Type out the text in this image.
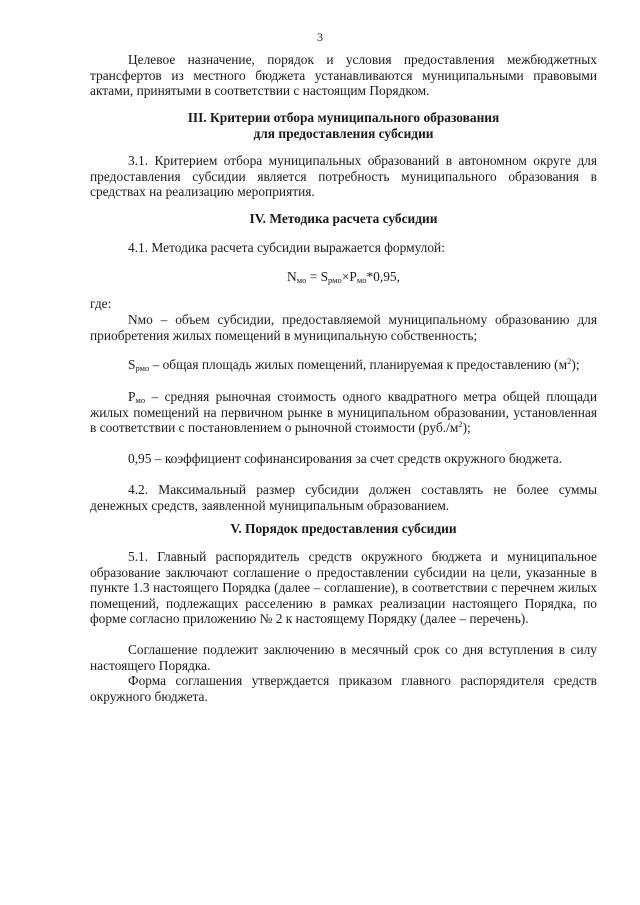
3

Целевое назначение, порядок и условия предоставления межбюджетных трансфертов из местного бюджета устанавливаются муниципальными правовыми актами, принятыми в соответствии с настоящим Порядком.

III. Критерии отбора муниципального образования

для предоставления субсидии

3.1. Критерием отбора муниципальных образований в автономном округе для предоставления субсидии является потребность муниципального образования в средствах на реализацию мероприятия.

IV. Методика расчета субсидии

4.1. Методика расчета субсидии выражается формулой:

$N_{мо} = S_{рмо}\times P_{мо}*0,95$,

где:

Nмо – объем субсидии, предоставляемой муниципальному образованию для приобретения жилых помещений в муниципальную собственность;

$S_{рмо}$ – общая площадь жилых помещений, планируемая к предоставлению $(м^2)$;

$P_{мо}$ – средняя рыночная стоимость одного квадратного метра общей площади жилых помещений на первичном рынке в муниципальном образовании, установленная в соответствии с постановлением о рыночной стоимости $(руб./м^2)$;

0,95 – коэффициент софинансирования за счет средств окружного бюджета.

4.2. Максимальный размер субсидии должен составлять не более суммы денежных средств, заявленной муниципальным образованием.

V. Порядок предоставления субсидии

5.1. Главный распорядитель средств окружного бюджета и муниципальное образование заключают соглашение о предоставлении субсидии на цели, указанные в пункте 1.3 настоящего Порядка (далее – соглашение), в соответствии с перечнем жилых помещений, подлежащих расселению в рамках реализации настоящего Порядка, по форме согласно приложению № 2 к настоящему Порядку (далее – перечень).

Соглашение подлежит заключению в месячный срок со дня вступления в силу настоящего Порядка.

Форма соглашения утверждается приказом главного распорядителя средств окружного бюджета.
